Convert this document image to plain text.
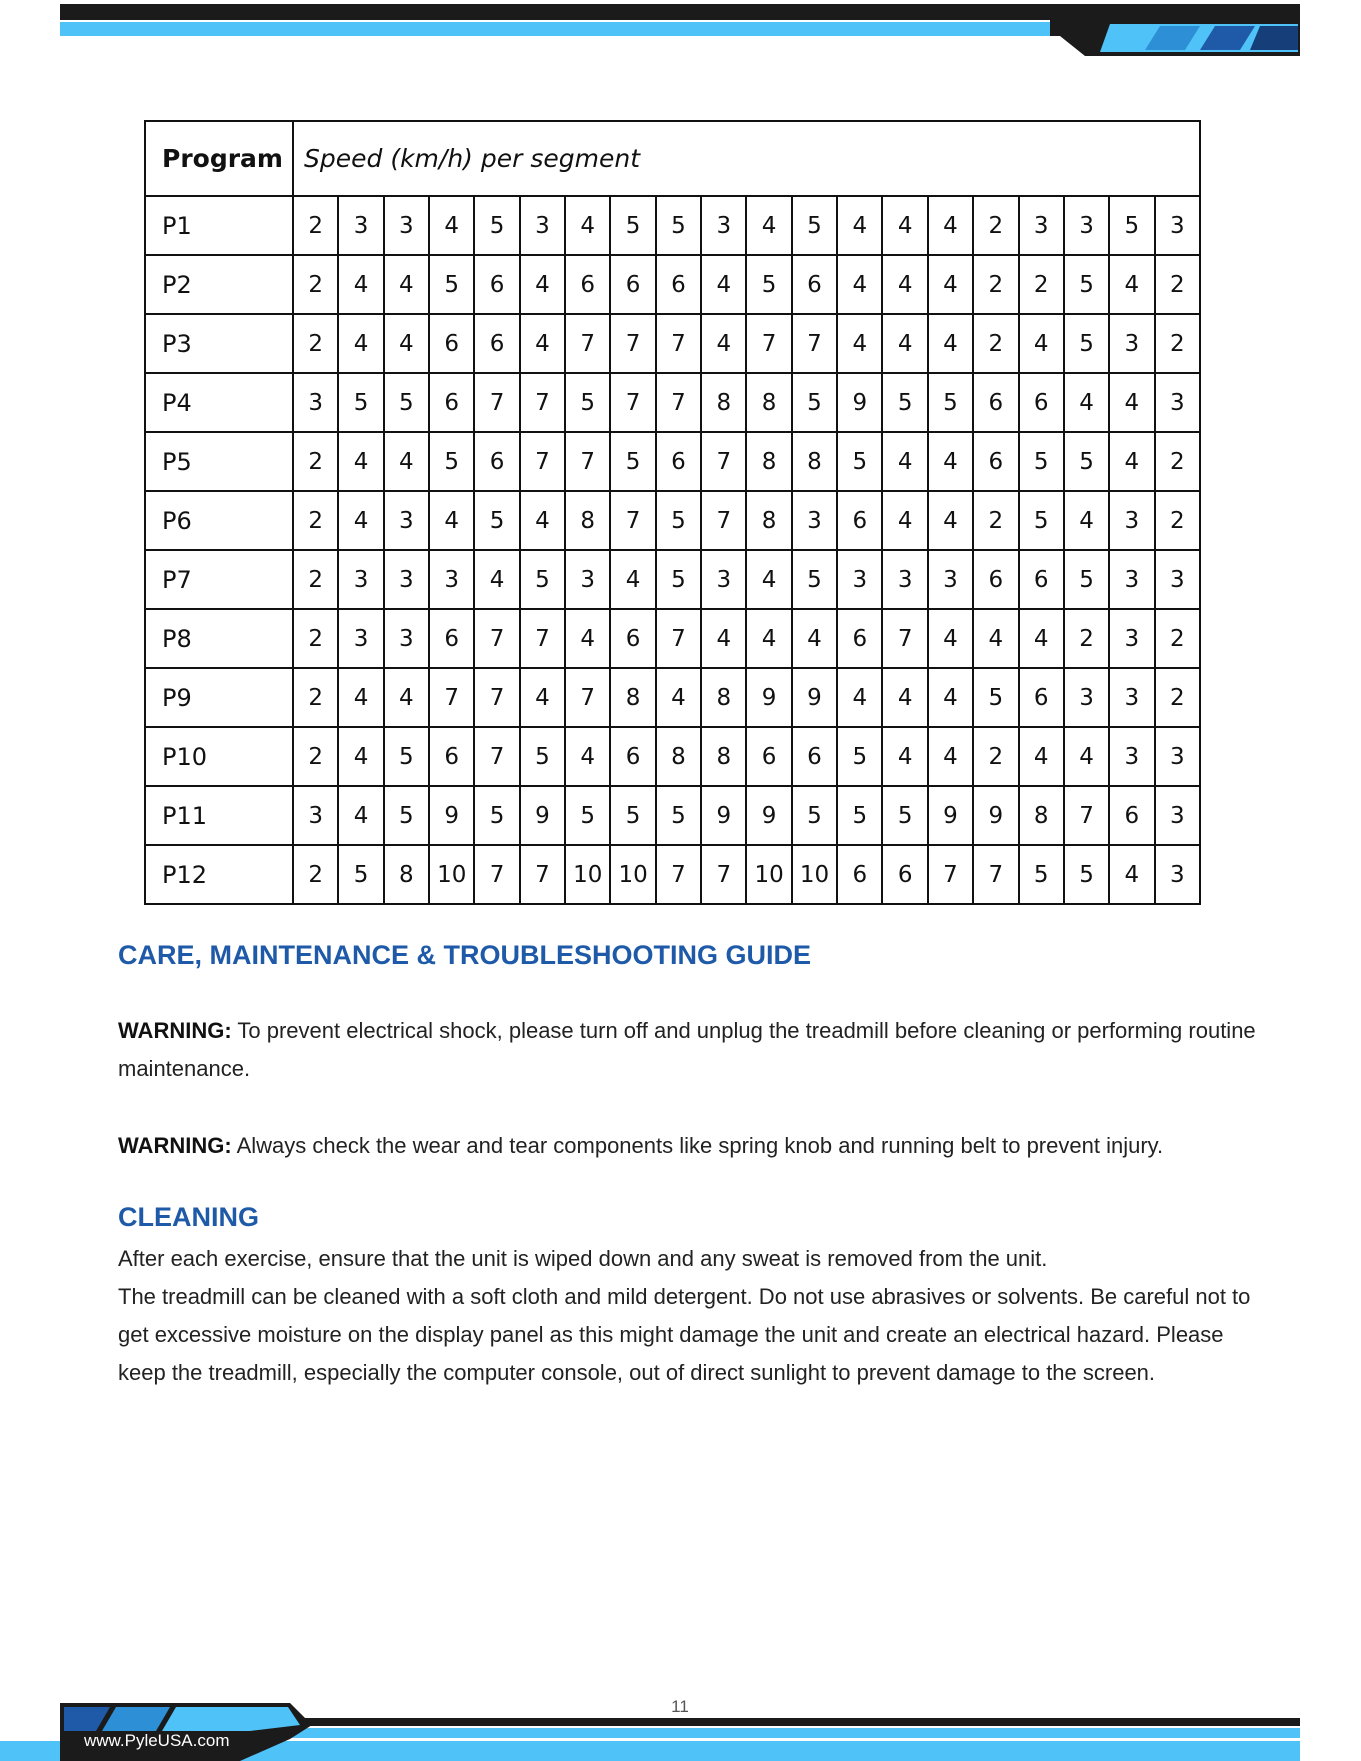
Program	Speed (km/h) per segment																			
P1	2	3	3	4	5	3	4	5	5	3	4	5	4	4	4	2	3	3	5	3
P2	2	4	4	5	6	4	6	6	6	4	5	6	4	4	4	2	2	5	4	2
P3	2	4	4	6	6	4	7	7	7	4	7	7	4	4	4	2	4	5	3	2
P4	3	5	5	6	7	7	5	7	7	8	8	5	9	5	5	6	6	4	4	3
P5	2	4	4	5	6	7	7	5	6	7	8	8	5	4	4	6	5	5	4	2
P6	2	4	3	4	5	4	8	7	5	7	8	3	6	4	4	2	5	4	3	2
P7	2	3	3	3	4	5	3	4	5	3	4	5	3	3	3	6	6	5	3	3
P8	2	3	3	6	7	7	4	6	7	4	4	4	6	7	4	4	4	2	3	2
P9	2	4	4	7	7	4	7	8	4	8	9	9	4	4	4	5	6	3	3	2
P10	2	4	5	6	7	5	4	6	8	8	6	6	5	4	4	2	4	4	3	3
P11	3	4	5	9	5	9	5	5	5	9	9	5	5	5	9	9	8	7	6	3
P12	2	5	8	10	7	7	10	10	7	7	10	10	6	6	7	7	5	5	4	3
CARE, MAINTENANCE & TROUBLESHOOTING GUIDE

WARNING: To prevent electrical shock, please turn off and unplug the treadmill before cleaning or performing routine maintenance.

WARNING: Always check the wear and tear components like spring knob and running belt to prevent injury.

CLEANING

After each exercise, ensure that the unit is wiped down and any sweat is removed from the unit.
The treadmill can be cleaned with a soft cloth and mild detergent. Do not use abrasives or solvents. Be careful not to get excessive moisture on the display panel as this might damage the unit and create an electrical hazard. Please keep the treadmill, especially the computer console, out of direct sunlight to prevent damage to the screen.

11
www.PyleUSA.com
